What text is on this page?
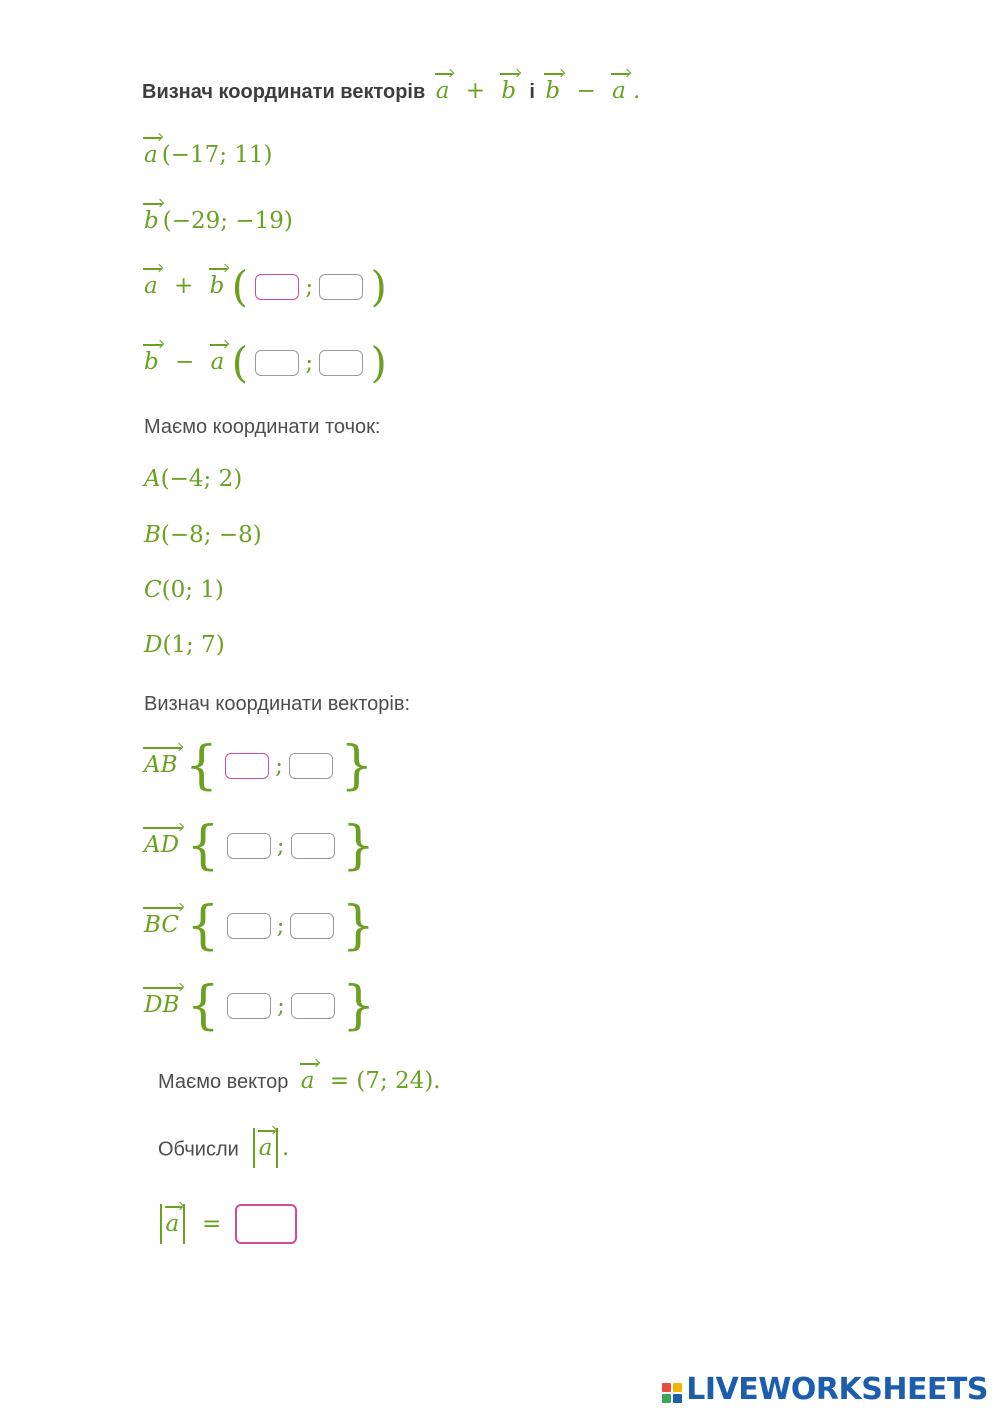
Визнач координати векторів a + b і b − a .
a (−17; 11)
b (−29; −19)
a + b ( ; )
b − a ( ; )
Маємо координати точок:
A(−4; 2)
B(−8; −8)
C(0; 1)
D(1; 7)
Визнач координати векторів:
AB { ; }
AD { ; }
BC { ; }
DB { ; }
Маємо вектор a = (7; 24).
Обчисли a .
a =
LIVEWORKSHEETS
